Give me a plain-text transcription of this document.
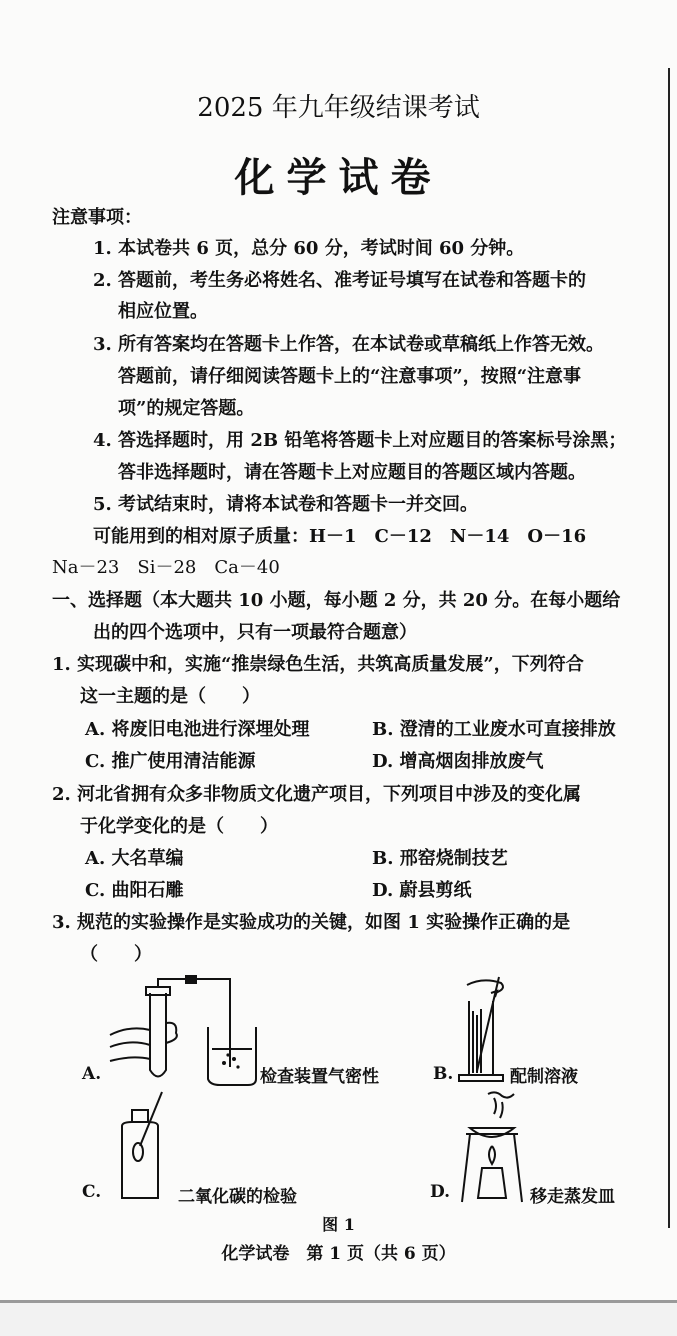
2025 年九年级结课考试
化学试卷
注意事项：
1. 本试卷共 6 页，总分 60 分，考试时间 60 分钟。
2. 答题前，考生务必将姓名、准考证号填写在试卷和答题卡的
相应位置。
3. 所有答案均在答题卡上作答，在本试卷或草稿纸上作答无效。
答题前，请仔细阅读答题卡上的“注意事项”，按照“注意事
项”的规定答题。
4. 答选择题时，用 2B 铅笔将答题卡上对应题目的答案标号涂黑；
答非选择题时，请在答题卡上对应题目的答题区域内答题。
5. 考试结束时，请将本试卷和答题卡一并交回。
可能用到的相对原子质量：H－1　C－12　N－14　O－16
Na－23　Si－28　Ca－40
一、选择题（本大题共 10 小题，每小题 2 分，共 20 分。在每小题给
出的四个选项中，只有一项最符合题意）
1. 实现碳中和，实施“推崇绿色生活，共筑高质量发展”，下列符合
这一主题的是（　　）
A. 将废旧电池进行深埋处理	B. 澄清的工业废水可直接排放
C. 推广使用清洁能源	D. 增高烟囱排放废气
2. 河北省拥有众多非物质文化遗产项目，下列项目中涉及的变化属
于化学变化的是（　　）
A. 大名草编	B. 邢窑烧制技艺
C. 曲阳石雕	D. 蔚县剪纸
3. 规范的实验操作是实验成功的关键，如图 1 实验操作正确的是
（　　）
A.	检查装置气密性	B.	配制溶液
C.	二氧化碳的检验	D.	移走蒸发皿
图 1
化学试卷　第 1 页（共 6 页）
